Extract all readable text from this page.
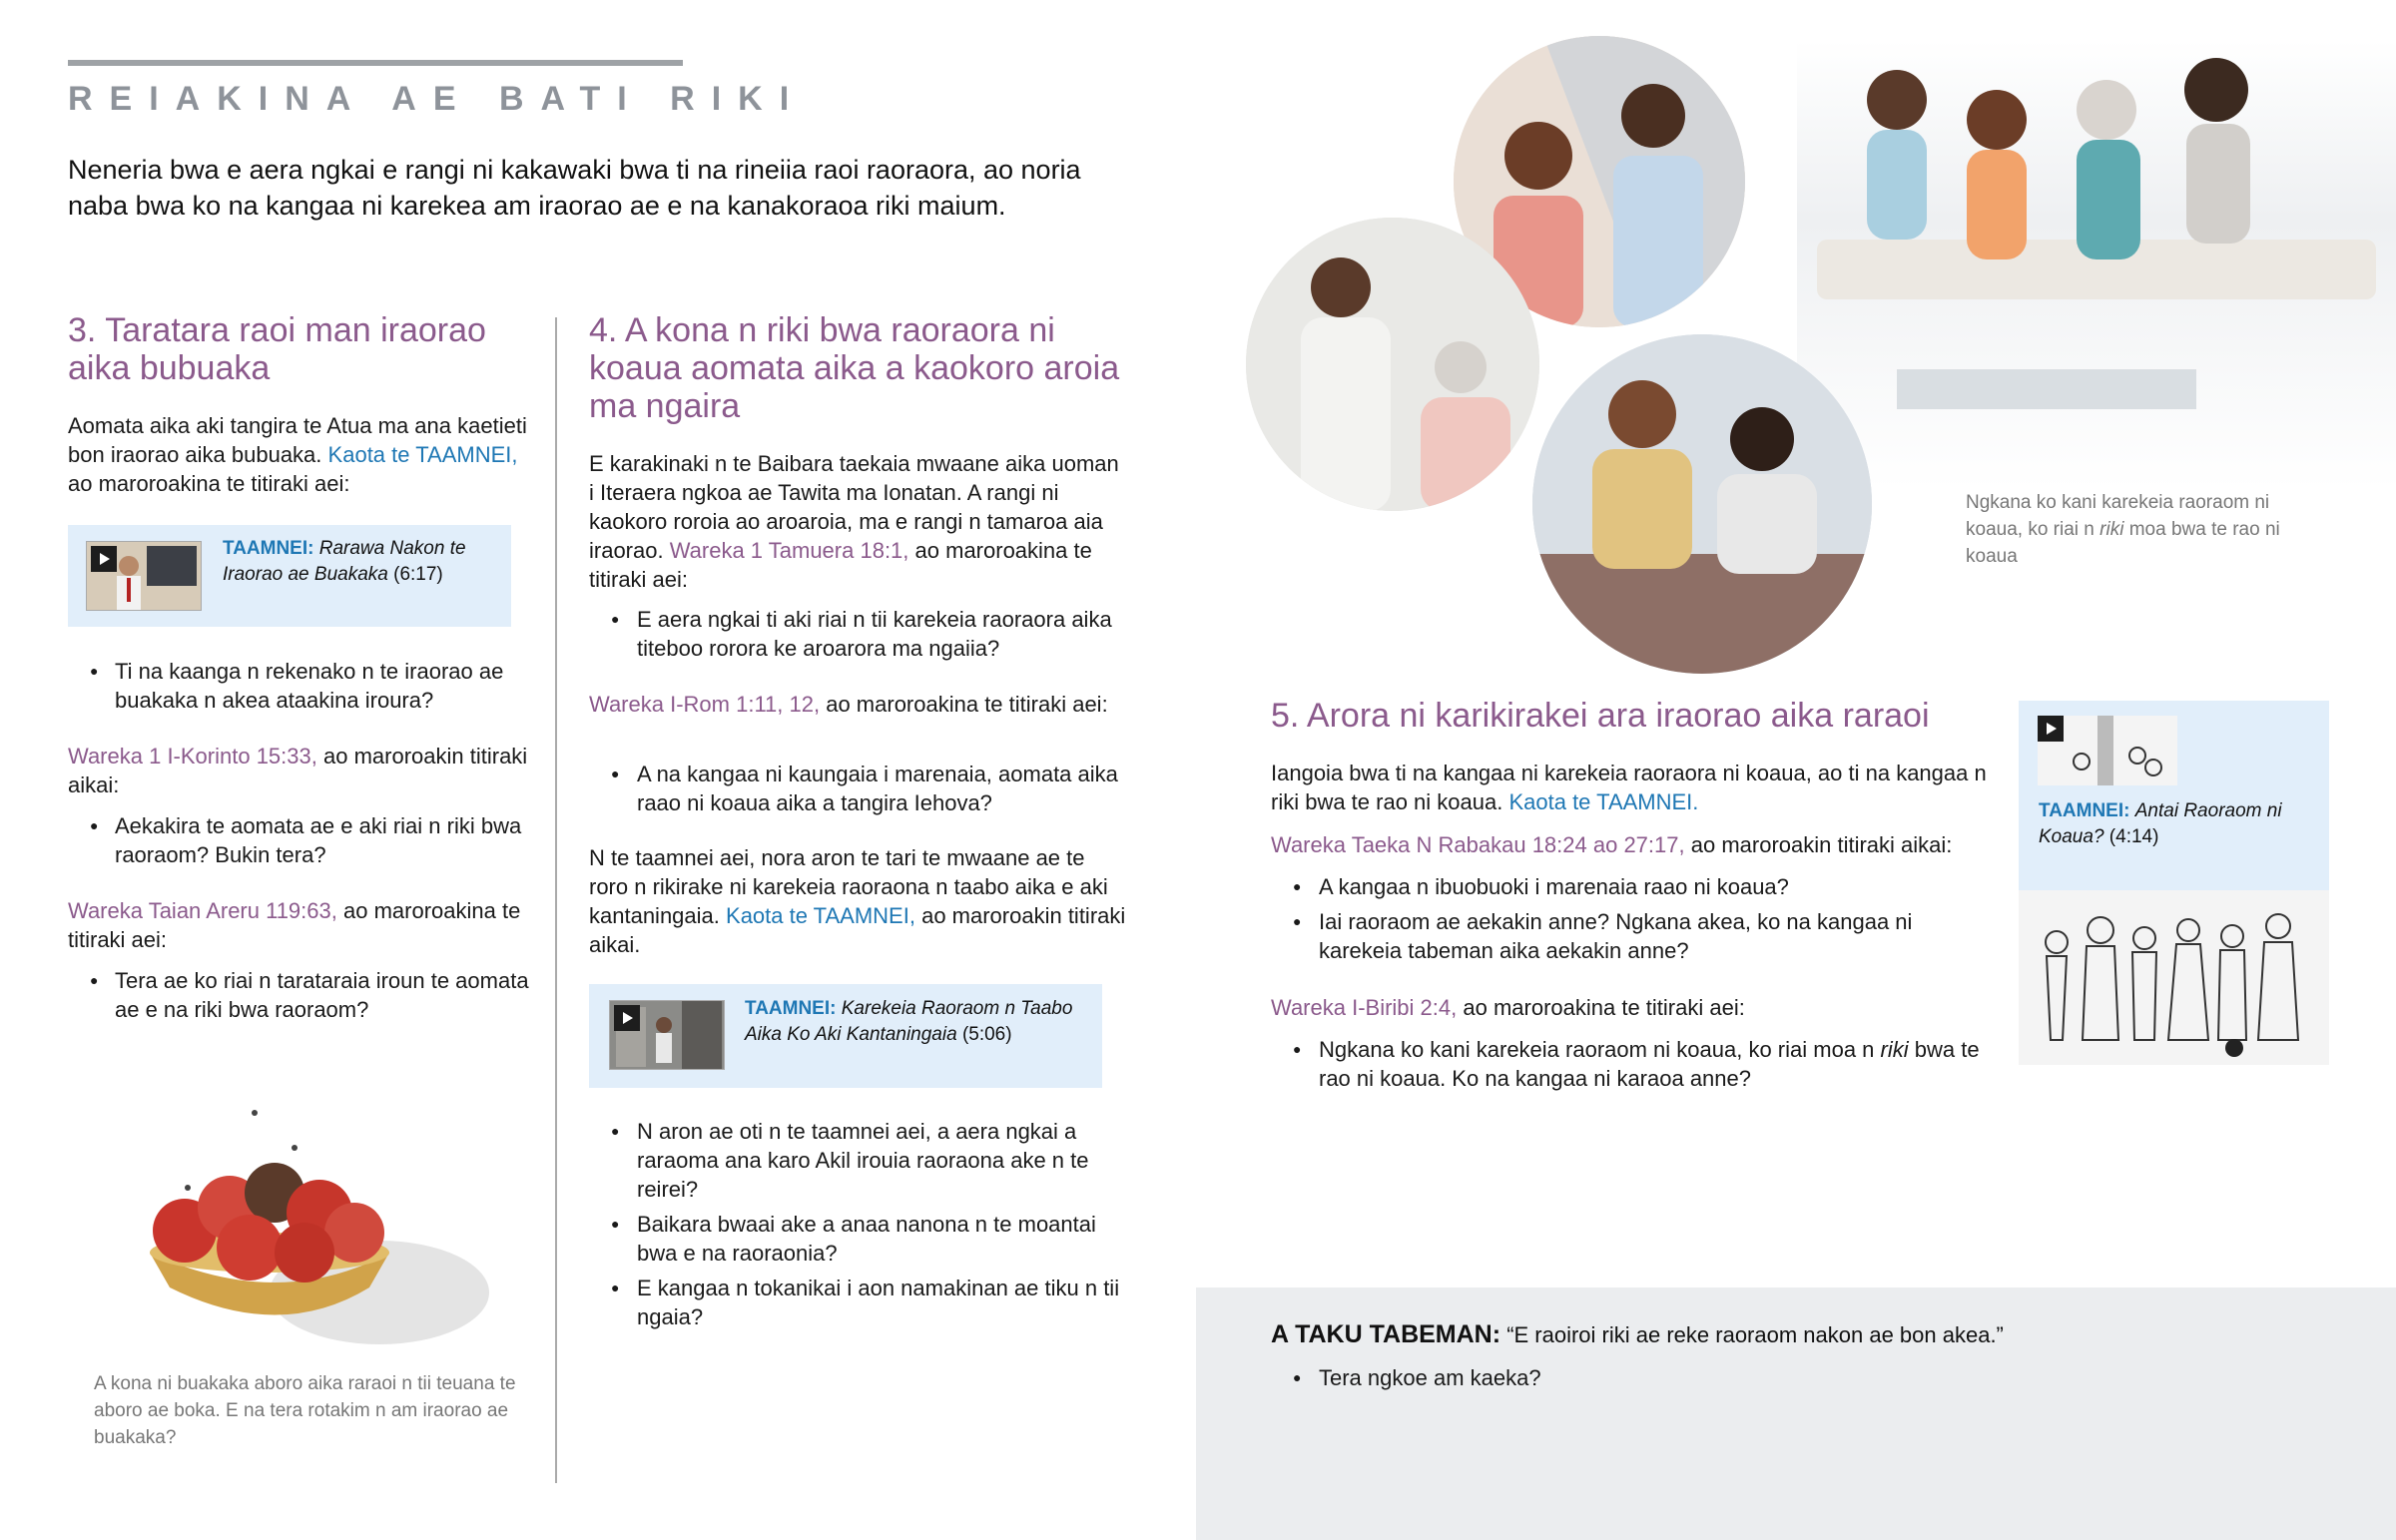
REIAKINA AE BATI RIKI
Neneria bwa e aera ngkai e rangi ni kakawaki bwa ti na rineiia raoi raoraora, ao noria naba bwa ko na kangaa ni karekea am iraorao ae e na kanakoraoa riki maium.
3. Taratara raoi man iraorao aika bubuaka
Aomata aika aki tangira te Atua ma ana kaetieti bon iraorao aika bubuaka. Kaota te TAAMNEI, ao maroroakina te titiraki aei:
TAAMNEI: Rarawa Nakon te Iraorao ae Buakaka (6:17)
● Ti na kaanga n rekenako n te iraorao ae buakaka n akea ataakina iroura?
Wareka 1 I-Korinto 15:33, ao maroroakin titiraki aikai:
● Aekakira te aomata ae e aki riai n riki bwa raoraom? Bukin tera?
Wareka Taian Areru 119:63, ao maroroakina te titiraki aei:
● Tera ae ko riai n tarataraia iroun te aomata ae e na riki bwa raoraom?
A kona ni buakaka aboro aika raraoi n tii teuana te aboro ae boka. E na tera rotakim n am iraorao ae buakaka?
4. A kona n riki bwa raoraora ni koaua aomata aika a kaokoro aroia ma ngaira
E karakinaki n te Baibara taekaia mwaane aika uoman i Iteraera ngkoa ae Tawita ma Ionatan. A rangi ni kaokoro roroia ao aroaroia, ma e rangi n tamaroa aia iraorao. Wareka 1 Tamuera 18:1, ao maroroakina te titiraki aei:
● E aera ngkai ti aki riai n tii karekeia raoraora aika titeboo rorora ke aroarora ma ngaiia?
Wareka I-Rom 1:11, 12, ao maroroakina te titiraki aei:
● A na kangaa ni kaungaia i marenaia, aomata aika raao ni koaua aika a tangira Iehova?
N te taamnei aei, nora aron te tari te mwaane ae te roro n rikirake ni karekeia raoraona n taabo aika e aki kantaningaia. Kaota te TAAMNEI, ao maroroakin titiraki aikai.
TAAMNEI: Karekeia Raoraom n Taabo Aika Ko Aki Kantaningaia (5:06)
● N aron ae oti n te taamnei aei, a aera ngkai a raraoma ana karo Akil irouia raoraona ake n te reirei?
● Baikara bwaai ake a anaa nanona n te moantai bwa e na raoraonia?
● E kangaa n tokanikai i aon namakinan ae tiku n tii ngaia?
Ngkana ko kani karekeia raoraom ni koaua, ko riai n riki moa bwa te rao ni koaua
5. Arora ni karikirakei ara iraorao aika raraoi
Iangoia bwa ti na kangaa ni karekeia raoraora ni koaua, ao ti na kangaa n riki bwa te rao ni koaua. Kaota te TAAMNEI.
Wareka Taeka N Rabakau 18:24 ao 27:17, ao maroroakin titiraki aikai:
● A kangaa n ibuobuoki i marenaia raao ni koaua?
● Iai raoraom ae aekakin anne? Ngkana akea, ko na kangaa ni karekeia tabeman aika aekakin anne?
Wareka I-Biribi 2:4, ao maroroakina te titiraki aei:
● Ngkana ko kani karekeia raoraom ni koaua, ko riai moa n riki bwa te rao ni koaua. Ko na kangaa ni karaoa anne?
TAAMNEI: Antai Raoraom ni Koaua? (4:14)
A TAKU TABEMAN: “E raoiroi riki ae reke raoraom nakon ae bon akea.”
● Tera ngkoe am kaeka?
